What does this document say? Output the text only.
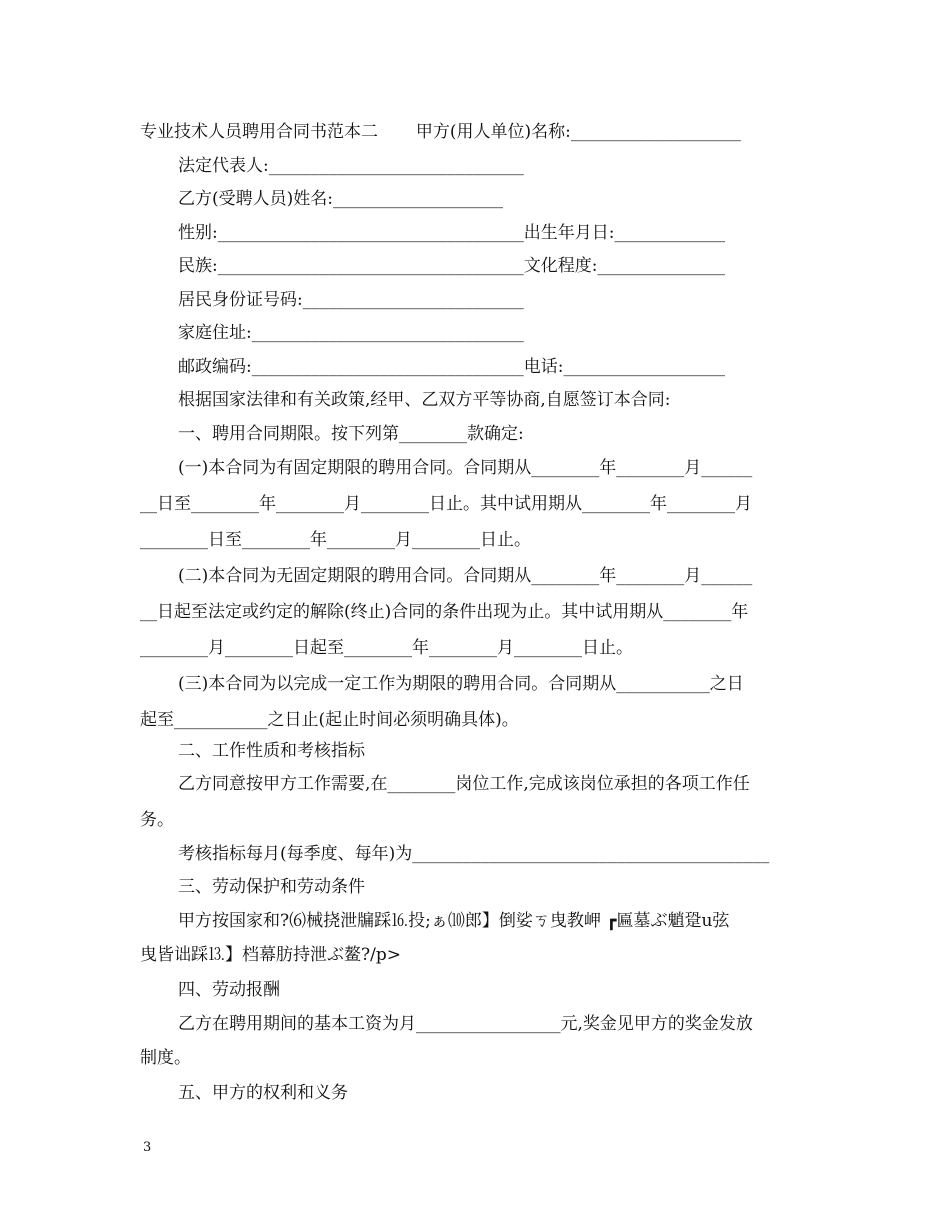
专业技术人员聘用合同书范本二       甲方(用人单位)名称:____________________
法定代表人:______________________________
乙方(受聘人员)姓名:____________________
性别:____________________________________出生年月日:_____________
民族:____________________________________文化程度:_______________
居民身份证号码:__________________________
家庭住址:________________________________
邮政编码:________________________________电话:___________________
根据国家法律和有关政策,经甲、乙双方平等协商,自愿签订本合同:
一、聘用合同期限。按下列第________款确定:
(一)本合同为有固定期限的聘用合同。合同期从________年________月______
__日至________年________月________日止。其中试用期从________年________月
________日至________年________月________日止。
(二)本合同为无固定期限的聘用合同。合同期从________年________月______
__日起至法定或约定的解除(终止)合同的条件出现为止。其中试用期从________年
________月________日起至________年________月________日止。
(三)本合同为以完成一定工作为期限的聘用合同。合同期从___________之日
起至___________之日止(起止时间必须明确具体)。
二、工作性质和考核指标
乙方同意按甲方工作需要,在________岗位工作,完成该岗位承担的各项工作任
务。
考核指标每月(每季度、每年)为__________________________________________
三、劳动保护和劳动条件
甲方按国家和?⑹械挠泄牖踩⒗投;ぁ⑽郎】倒娑ㄎ曳教岬 ┏匾墓ぶ魈跫u弦
曳皆诎踩⒔】档幕肪持泄ぶ鳌?/p>
四、劳动报酬
乙方在聘用期间的基本工资为月_________________元,奖金见甲方的奖金发放
制度。
五、甲方的权利和义务
3
